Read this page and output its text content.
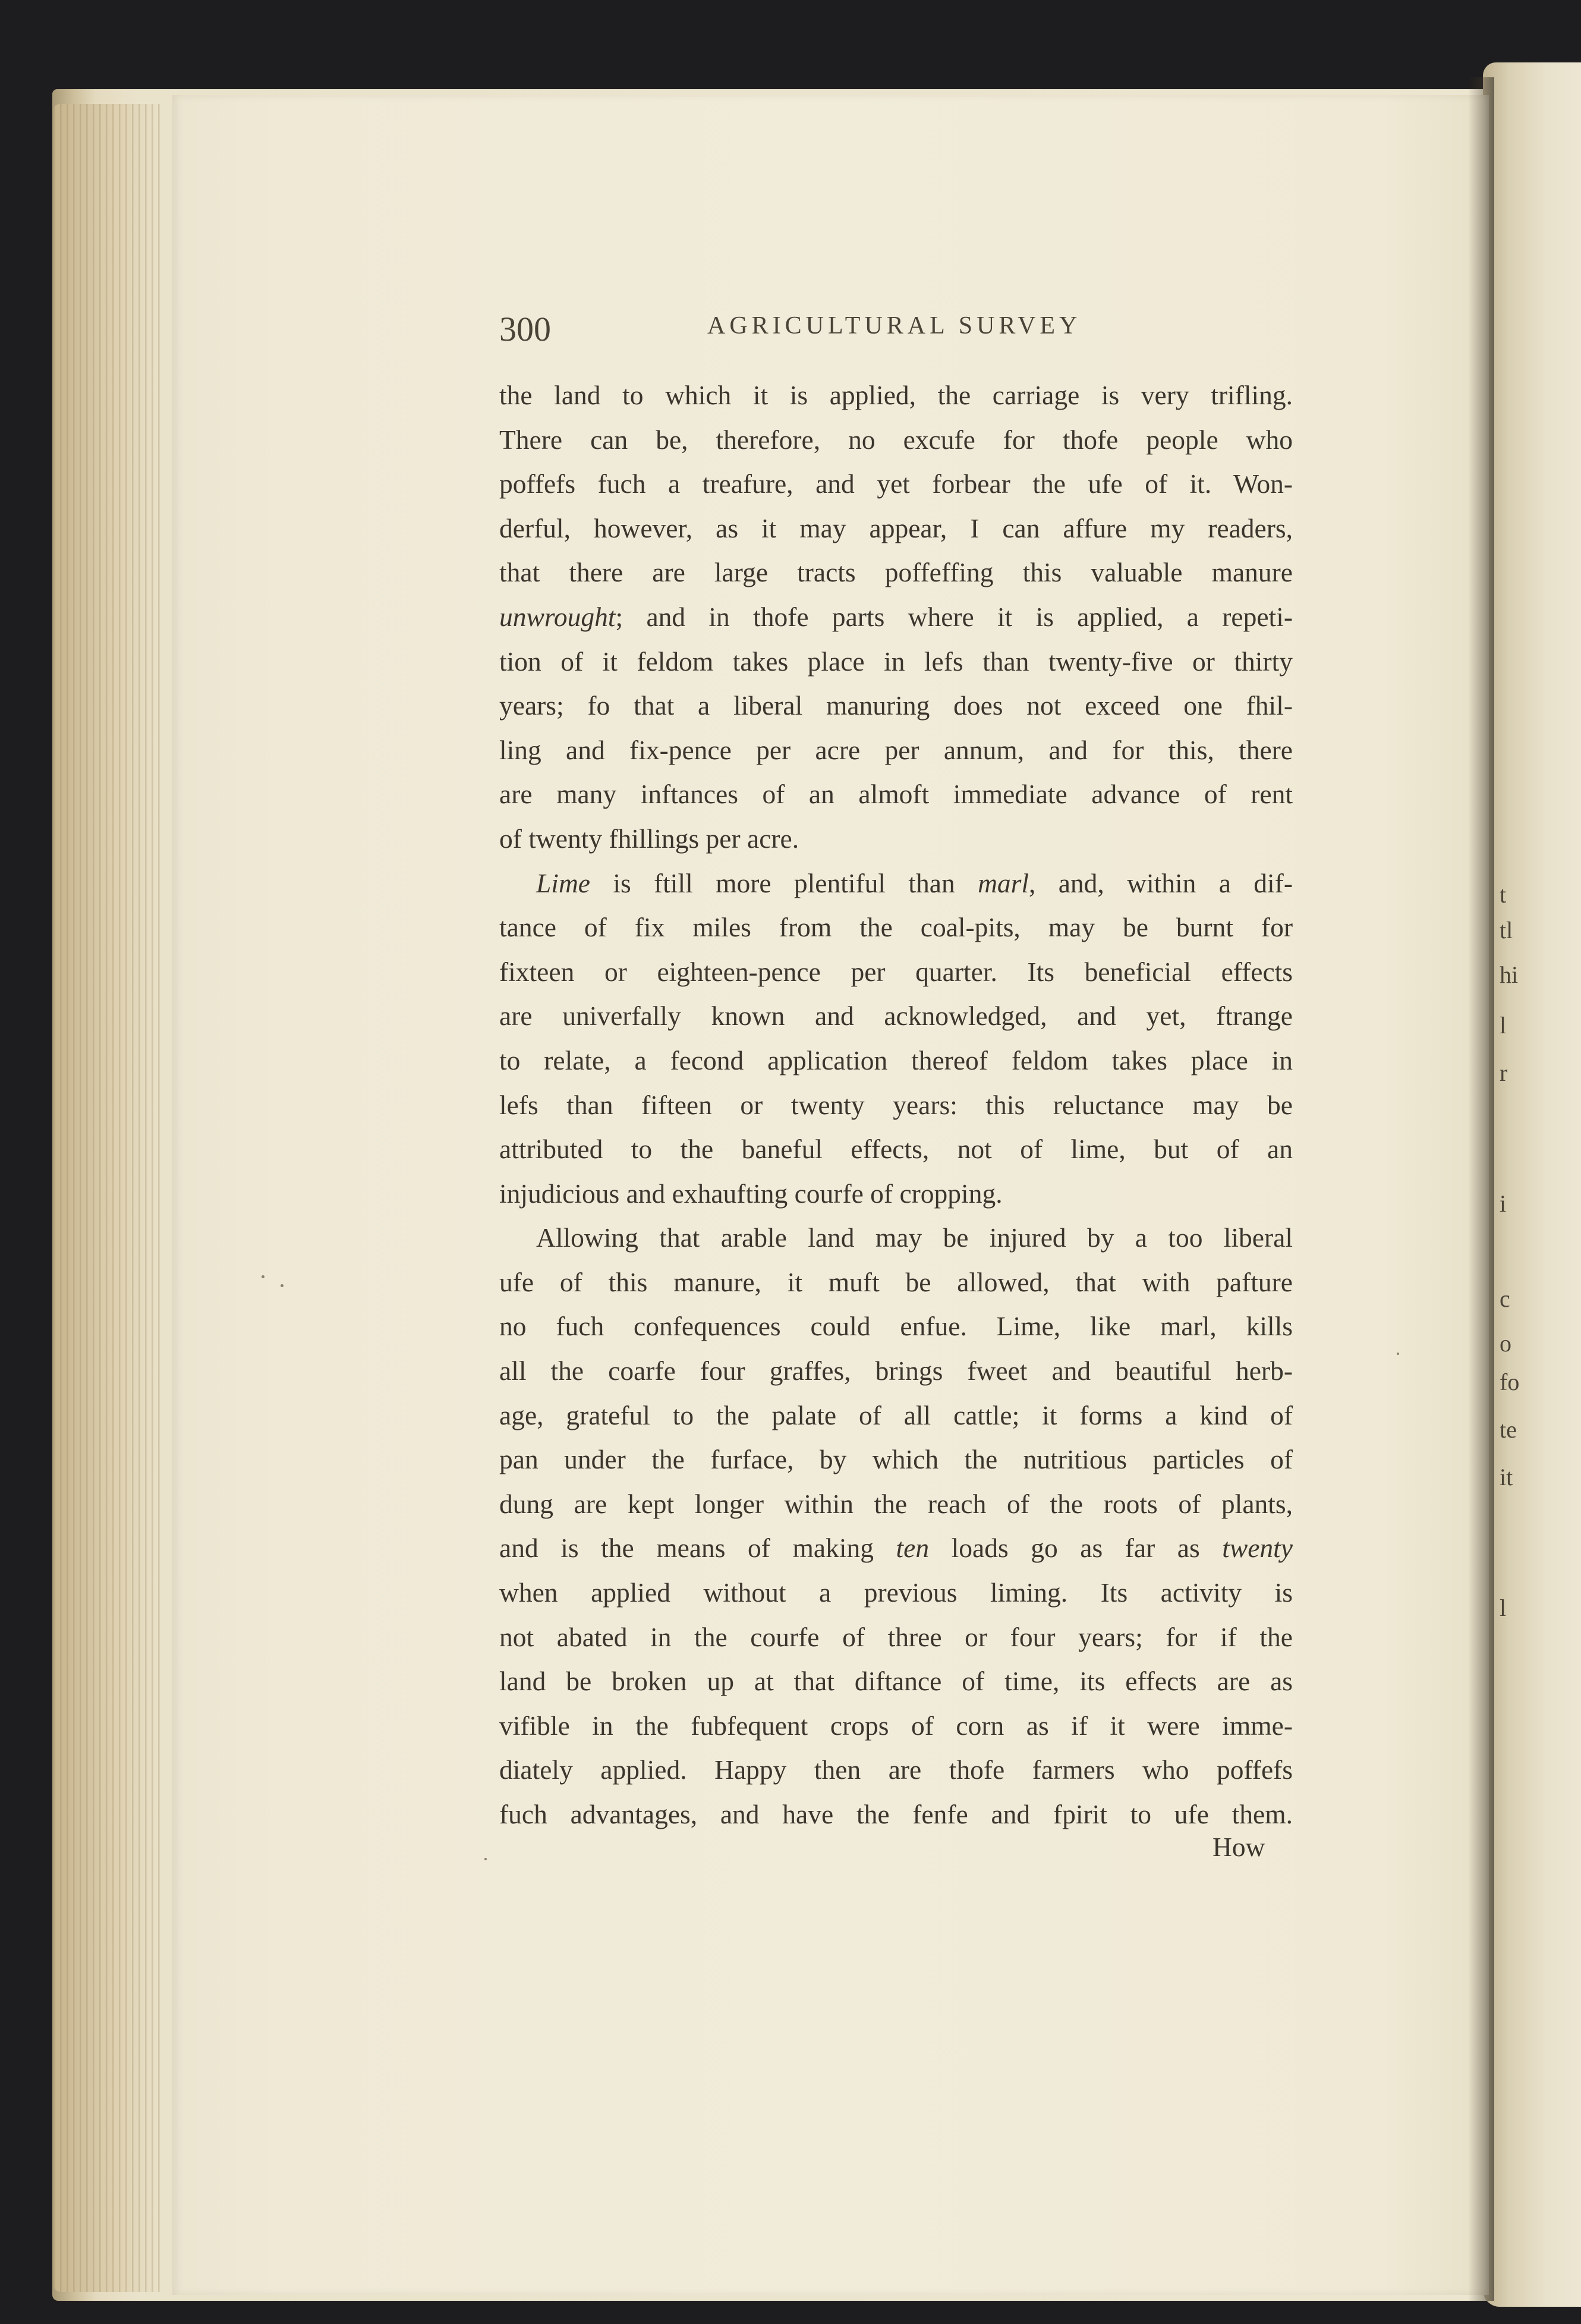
t
tl
hi
l
r
i
c
o
fo
te
it
l
300	AGRICULTURAL SURVEY
the land to which it is applied, the carriage is very trifling.
There can be, therefore, no excufe for thofe people who
poffefs fuch a treafure, and yet forbear the ufe of it. Won-
derful, however, as it may appear, I can affure my readers,
that there are large tracts poffeffing this valuable manure
unwrought; and in thofe parts where it is applied, a repeti-
tion of it feldom takes place in lefs than twenty-five or thirty
years; fo that a liberal manuring does not exceed one fhil-
ling and fix-pence per acre per annum, and for this, there
are many inftances of an almoft immediate advance of rent
of twenty fhillings per acre.
Lime is ftill more plentiful than marl, and, within a dif-
tance of fix miles from the coal-pits, may be burnt for
fixteen or eighteen-pence per quarter. Its beneficial effects
are univerfally known and acknowledged, and yet, ftrange
to relate, a fecond application thereof feldom takes place in
lefs than fifteen or twenty years: this reluctance may be
attributed to the baneful effects, not of lime, but of an
injudicious and exhaufting courfe of cropping.
Allowing that arable land may be injured by a too liberal
ufe of this manure, it muft be allowed, that with pafture
no fuch confequences could enfue. Lime, like marl, kills
all the coarfe four graffes, brings fweet and beautiful herb-
age, grateful to the palate of all cattle; it forms a kind of
pan under the furface, by which the nutritious particles of
dung are kept longer within the reach of the roots of plants,
and is the means of making ten loads go as far as twenty
when applied without a previous liming. Its activity is
not abated in the courfe of three or four years; for if the
land be broken up at that diftance of time, its effects are as
vifible in the fubfequent crops of corn as if it were imme-
diately applied. Happy then are thofe farmers who poffefs
fuch advantages, and have the fenfe and fpirit to ufe them.
How
